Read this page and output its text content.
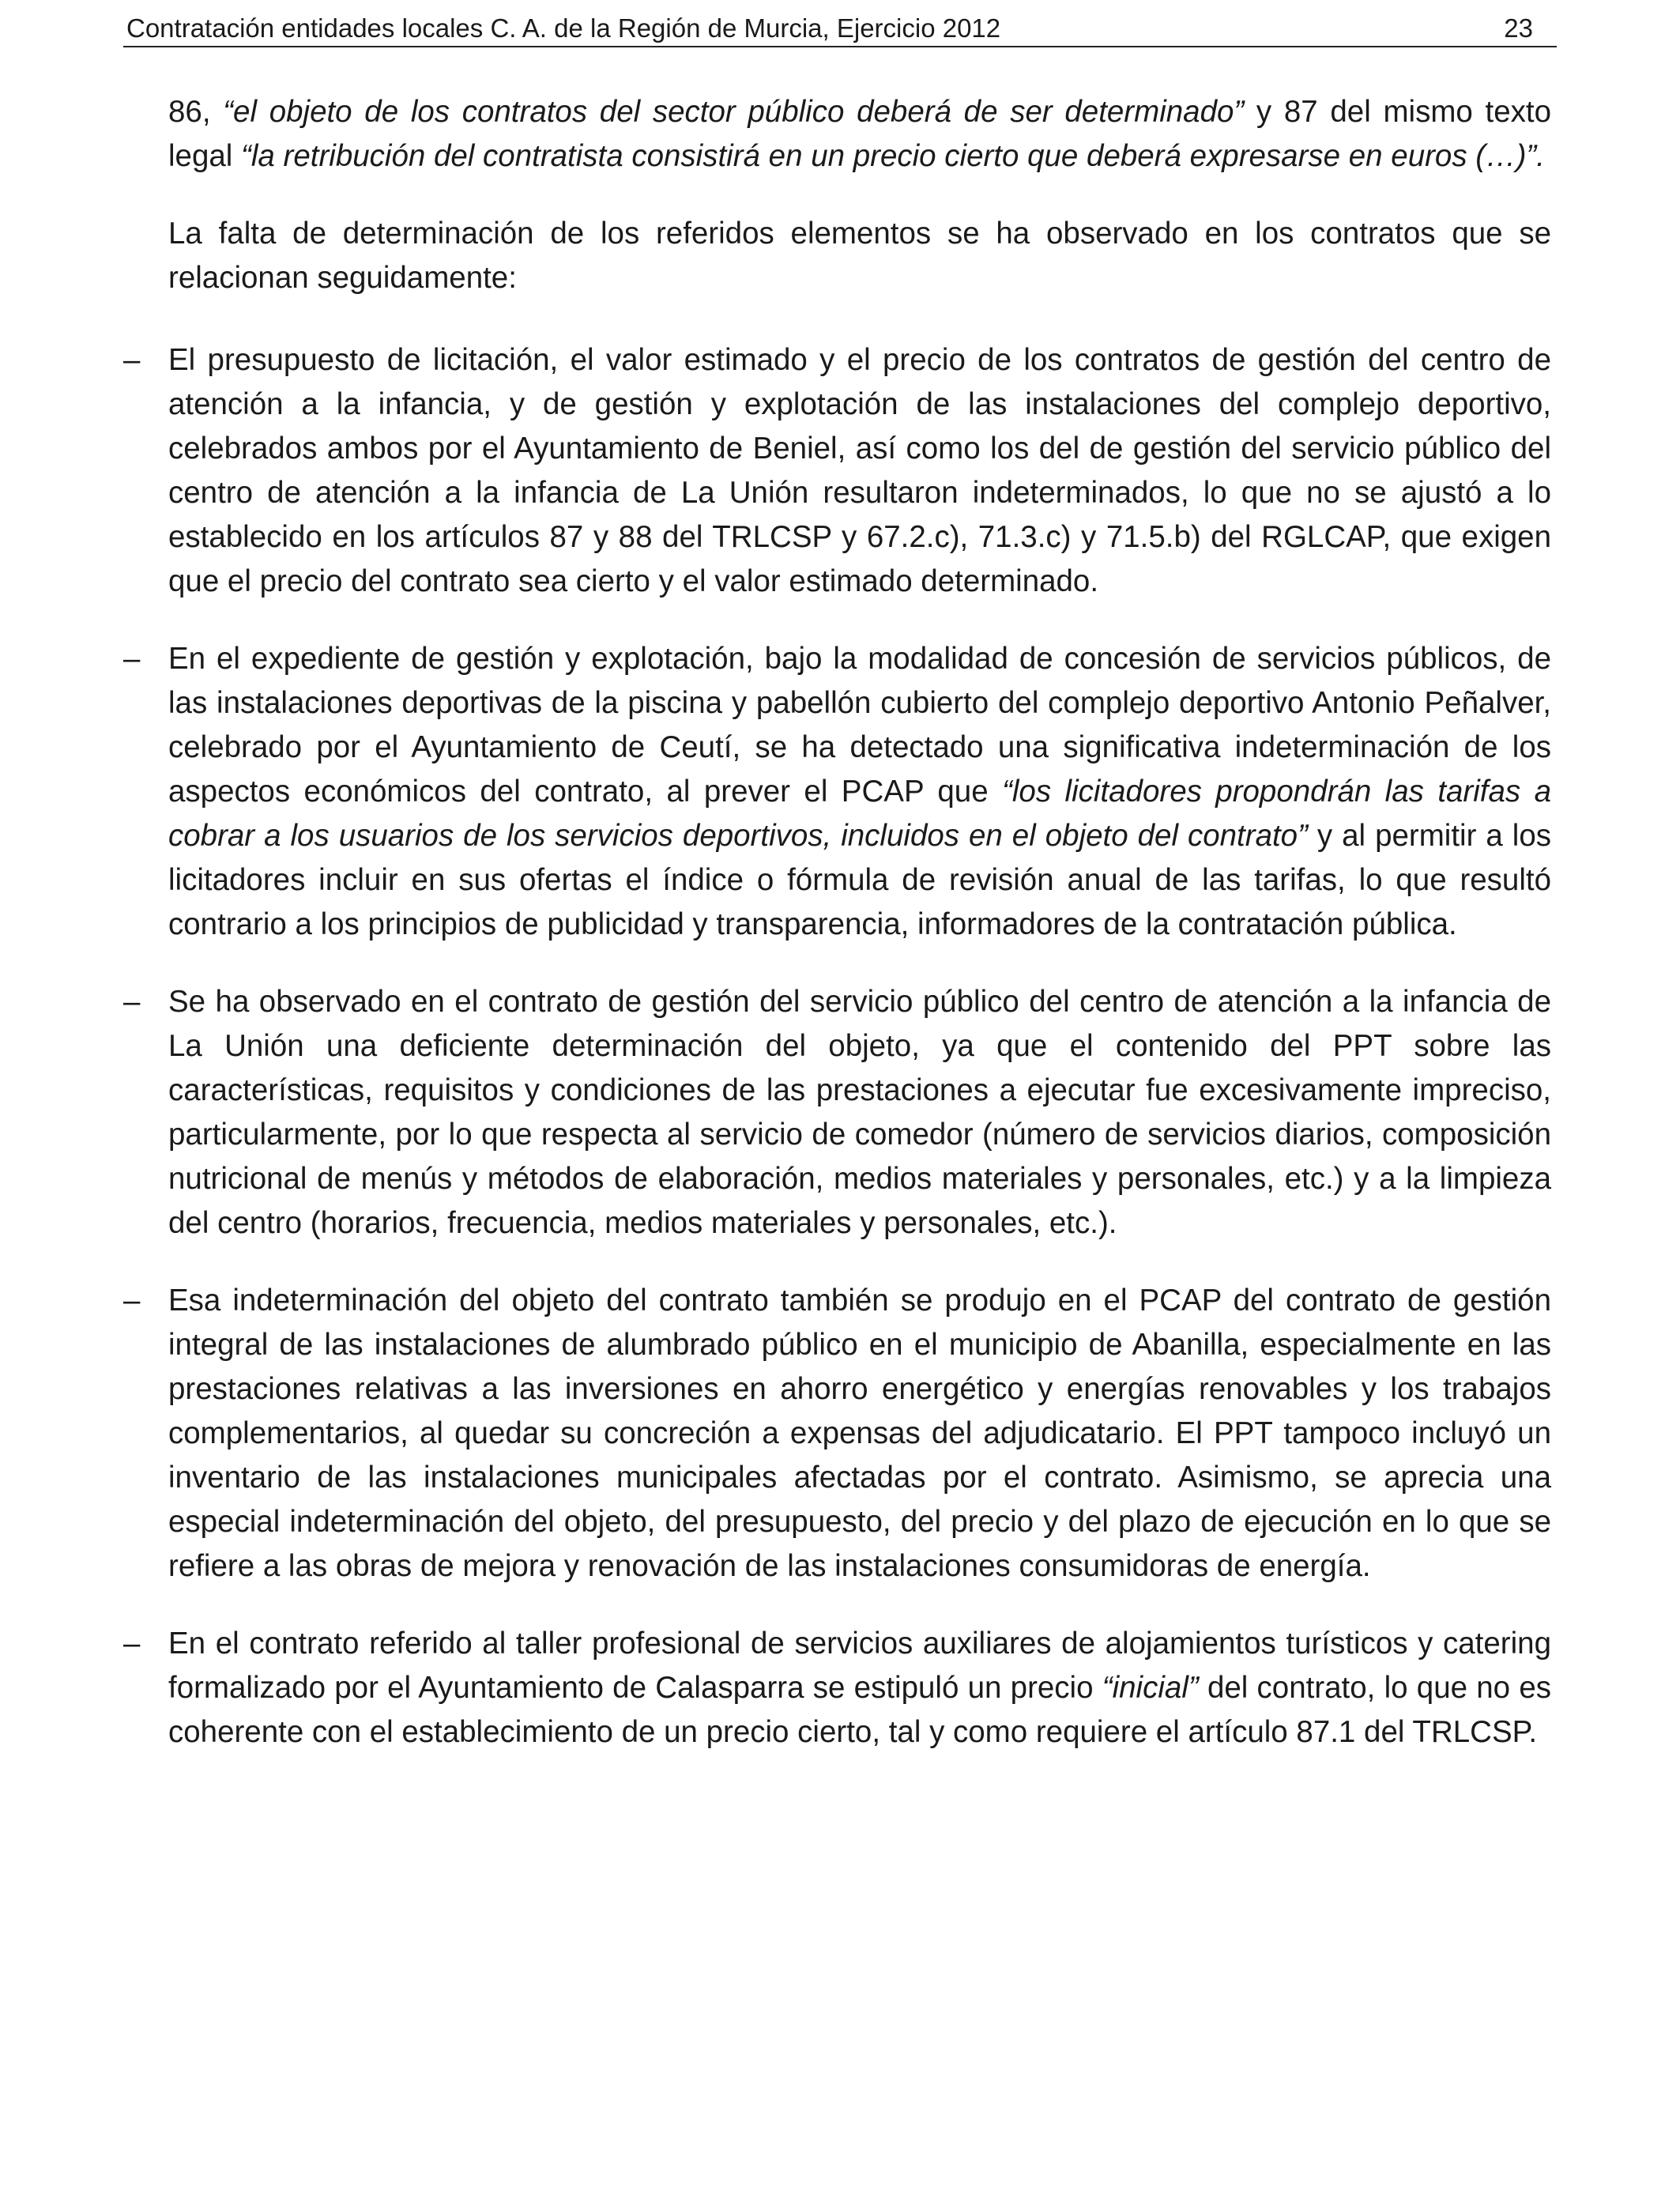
Contratación entidades locales C. A. de la Región de Murcia, Ejercicio 2012	23

86, “el objeto de los contratos del sector público deberá de ser determinado” y 87 del mismo texto legal “la retribución del contratista consistirá en un precio cierto que deberá expresarse en euros (…)”.

La falta de determinación de los referidos elementos se ha observado en los contratos que se relacionan seguidamente:

– El presupuesto de licitación, el valor estimado y el precio de los contratos de gestión del centro de atención a la infancia, y de gestión y explotación de las instalaciones del complejo deportivo, celebrados ambos por el Ayuntamiento de Beniel, así como los del de gestión del servicio público del centro de atención a la infancia de La Unión resultaron indeterminados, lo que no se ajustó a lo establecido en los artículos 87 y 88 del TRLCSP y 67.2.c), 71.3.c) y 71.5.b) del RGLCAP, que exigen que el precio del contrato sea cierto y el valor estimado determinado.
– En el expediente de gestión y explotación, bajo la modalidad de concesión de servicios públicos, de las instalaciones deportivas de la piscina y pabellón cubierto del complejo deportivo Antonio Peñalver, celebrado por el Ayuntamiento de Ceutí, se ha detectado una significativa indeterminación de los aspectos económicos del contrato, al prever el PCAP que “los licitadores propondrán las tarifas a cobrar a los usuarios de los servicios deportivos, incluidos en el objeto del contrato” y al permitir a los licitadores incluir en sus ofertas el índice o fórmula de revisión anual de las tarifas, lo que resultó contrario a los principios de publicidad y transparencia, informadores de la contratación pública.
– Se ha observado en el contrato de gestión del servicio público del centro de atención a la infancia de La Unión una deficiente determinación del objeto, ya que el contenido del PPT sobre las características, requisitos y condiciones de las prestaciones a ejecutar fue excesivamente impreciso, particularmente, por lo que respecta al servicio de comedor (número de servicios diarios, composición nutricional de menús y métodos de elaboración, medios materiales y personales, etc.) y a la limpieza del centro (horarios, frecuencia, medios materiales y personales, etc.).
– Esa indeterminación del objeto del contrato también se produjo en el PCAP del contrato de gestión integral de las instalaciones de alumbrado público en el municipio de Abanilla, especialmente en las prestaciones relativas a las inversiones en ahorro energético y energías renovables y los trabajos complementarios, al quedar su concreción a expensas del adjudicatario. El PPT tampoco incluyó un inventario de las instalaciones municipales afectadas por el contrato. Asimismo, se aprecia una especial indeterminación del objeto, del presupuesto, del precio y del plazo de ejecución en lo que se refiere a las obras de mejora y renovación de las instalaciones consumidoras de energía.
– En el contrato referido al taller profesional de servicios auxiliares de alojamientos turísticos y catering formalizado por el Ayuntamiento de Calasparra se estipuló un precio “inicial” del contrato, lo que no es coherente con el establecimiento de un precio cierto, tal y como requiere el artículo 87.1 del TRLCSP.
